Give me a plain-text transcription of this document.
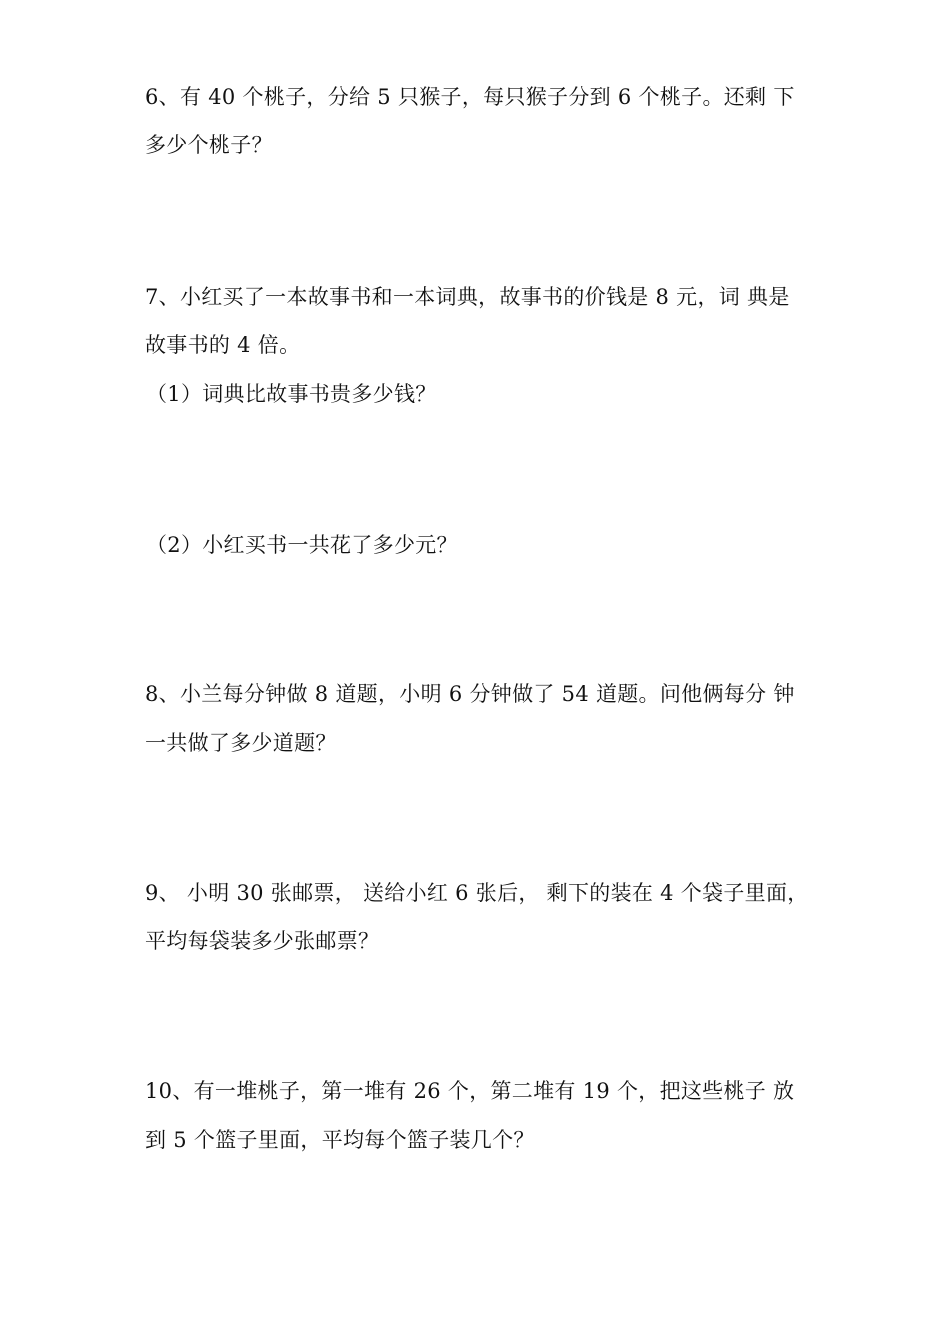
6、有 40 个桃子，分给 5 只猴子，每只猴子分到 6 个桃子。还剩 下
多少个桃子？
7、小红买了一本故事书和一本词典，故事书的价钱是 8 元，词 典是
故事书的 4 倍。
（1）词典比故事书贵多少钱？
（2）小红买书一共花了多少元？
8、小兰每分钟做 8 道题，小明 6 分钟做了 54 道题。问他俩每分 钟
一共做了多少道题？
9、 小明 30 张邮票， 送给小红 6 张后， 剩下的装在 4 个袋子里面，
平均每袋装多少张邮票？
10、有一堆桃子，第一堆有 26 个，第二堆有 19 个，把这些桃子 放
到 5 个篮子里面，平均每个篮子装几个？
